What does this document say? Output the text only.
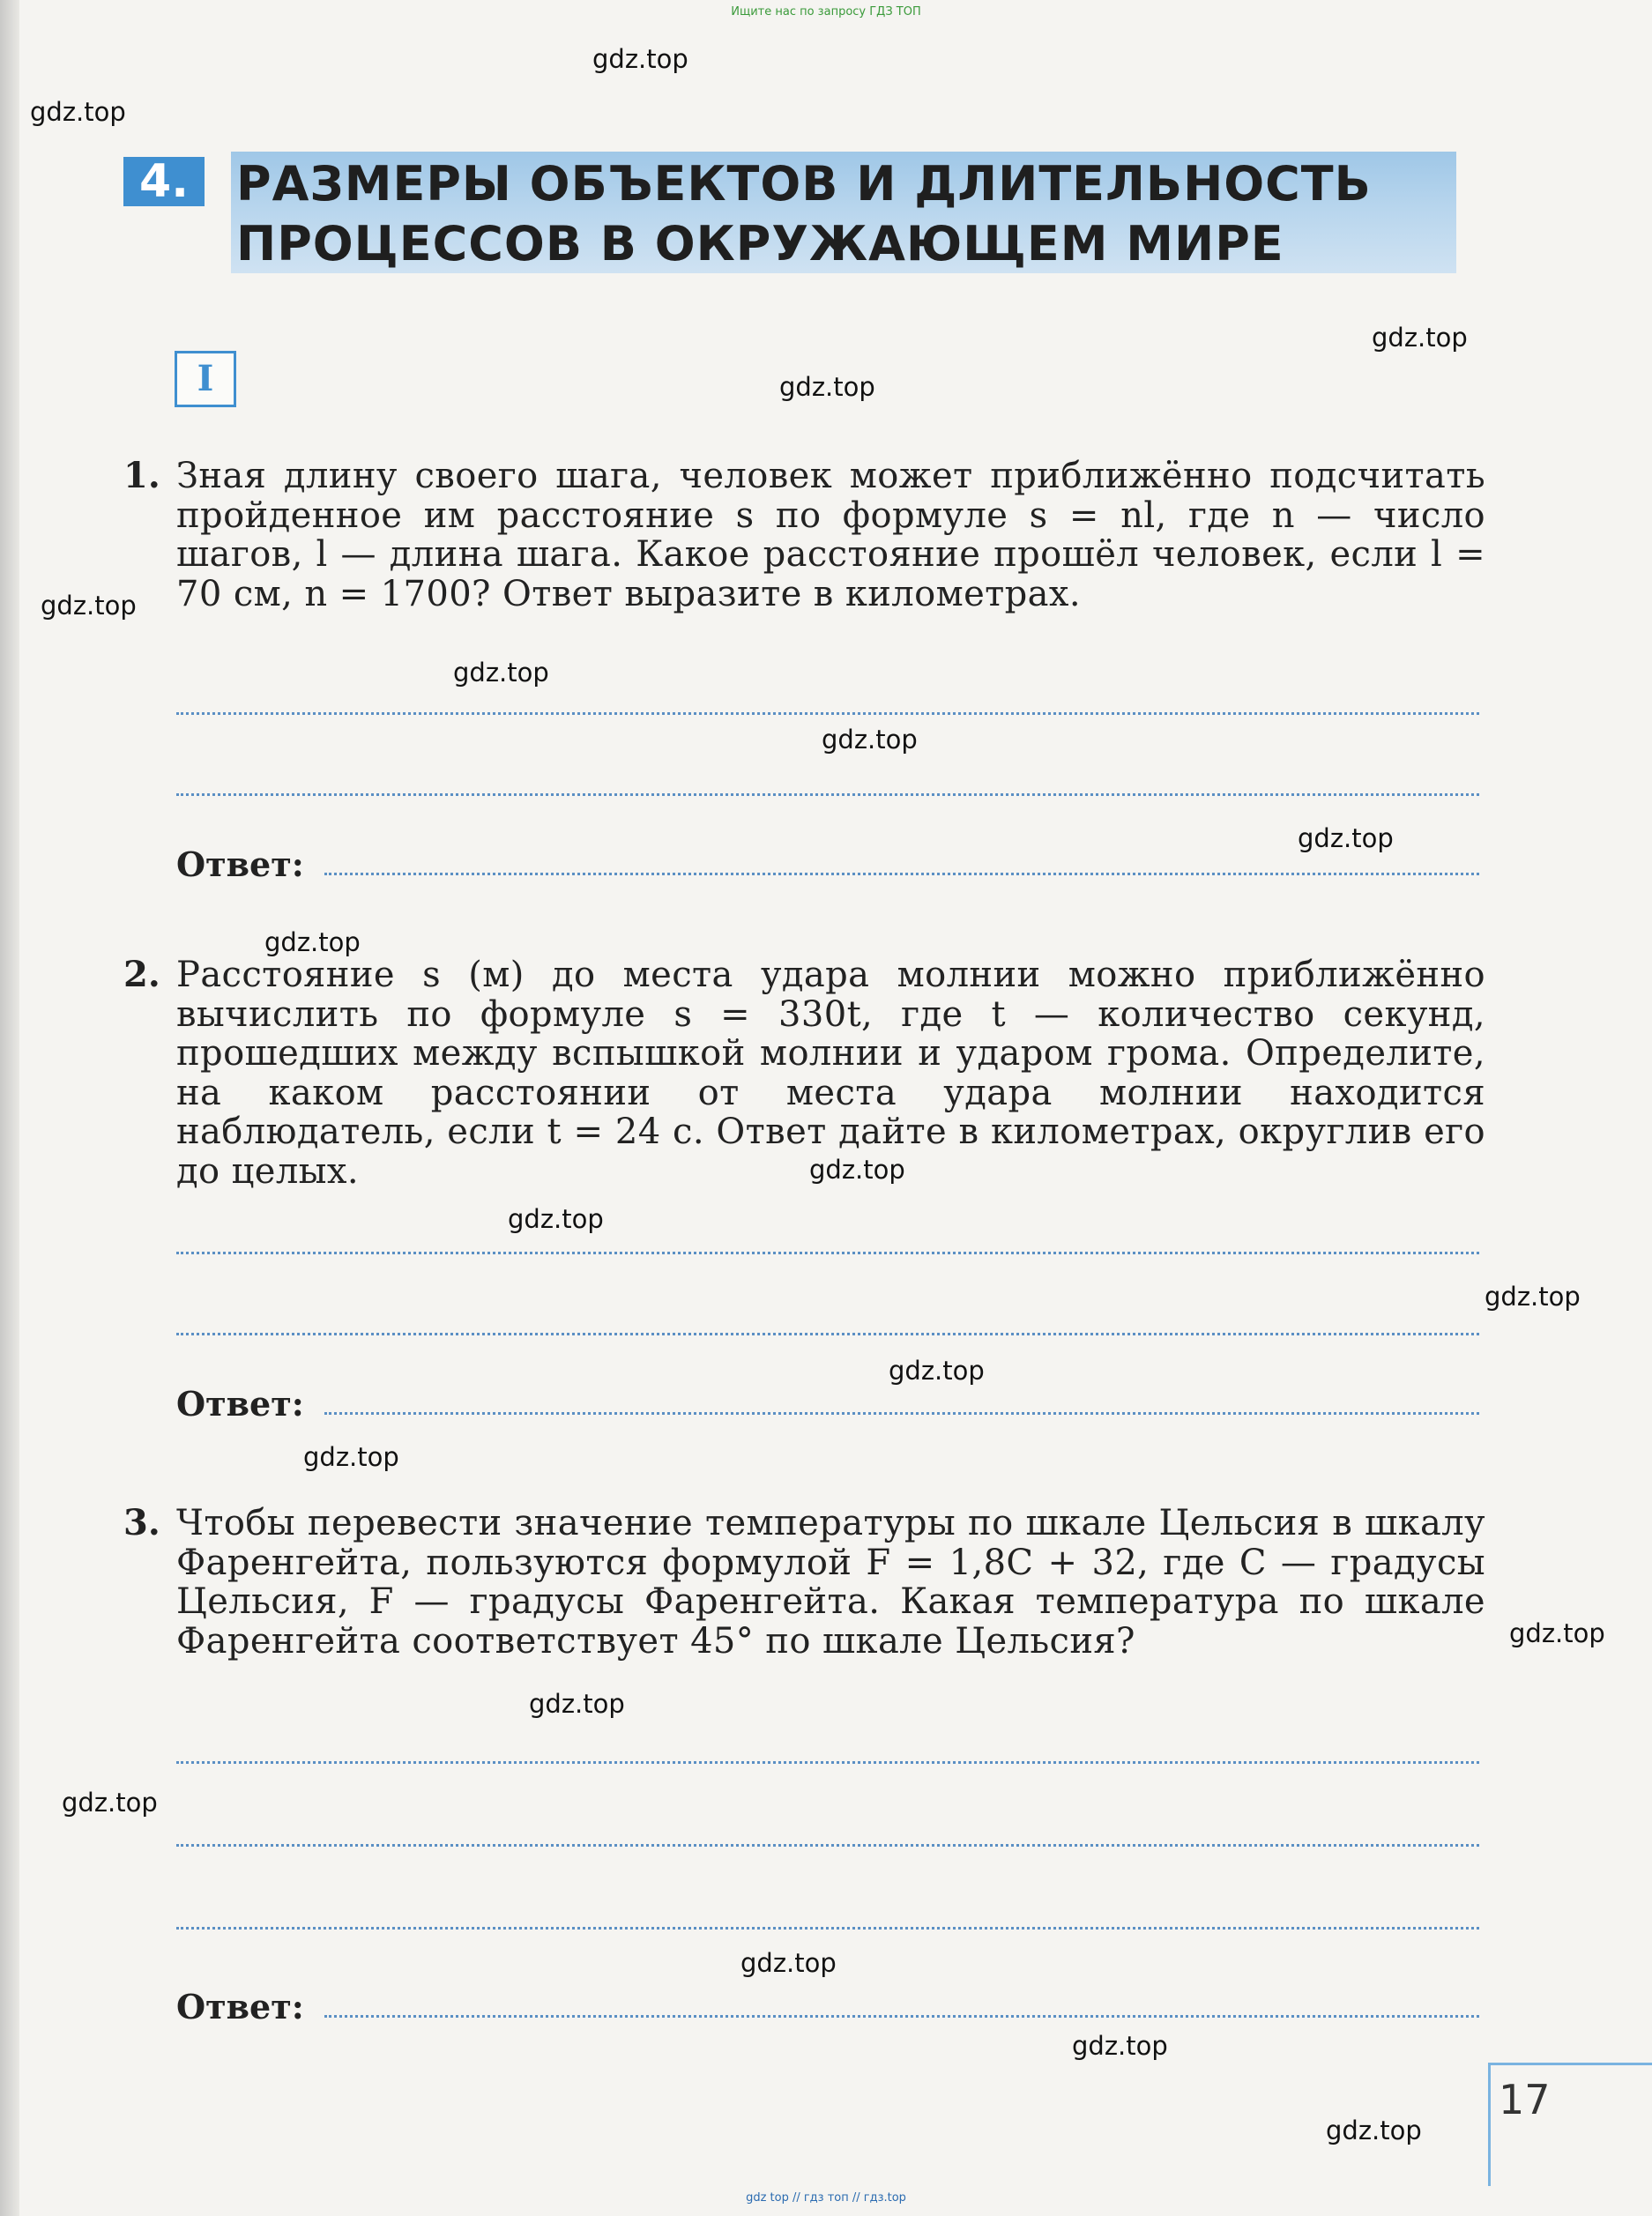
Ищите нас по запросу ГДЗ ТОП
4.	РАЗМЕРЫ ОБЪЕКТОВ И ДЛИТЕЛЬНОСТЬ
ПРОЦЕССОВ В ОКРУЖАЮЩЕМ МИРЕ
I
1. Зная длину своего шага, человек может приближённо подсчитать пройденное им расстояние s по формуле s = nl, где n — число шагов, l — длина шага. Какое расстояние прошёл человек, если l = 70 см, n = 1700? Ответ выразите в километрах.
Ответ:
2. Расстояние s (м) до места удара молнии можно приближённо вычислить по формуле s = 330t, где t — количество секунд, прошедших между вспышкой молнии и ударом грома. Определите, на каком расстоянии от места удара молнии находится наблюдатель, если t = 24 с. Ответ дайте в километрах, округлив его до целых.
Ответ:
3. Чтобы перевести значение температуры по шкале Цельсия в шкалу Фаренгейта, пользуются формулой F = 1,8C + 32, где C — градусы Цельсия, F — градусы Фаренгейта. Какая температура по шкале Фаренгейта соответствует 45° по шкале Цельсия?
Ответ:
17
gdz.top
gdz.top
gdz.top
gdz.top
gdz.top
gdz.top
gdz.top
gdz.top
gdz.top
gdz.top
gdz.top
gdz.top
gdz.top
gdz.top
gdz.top
gdz.top
gdz.top
gdz.top
gdz.top
gdz.top
gdz top // гдз топ // гдз.top
